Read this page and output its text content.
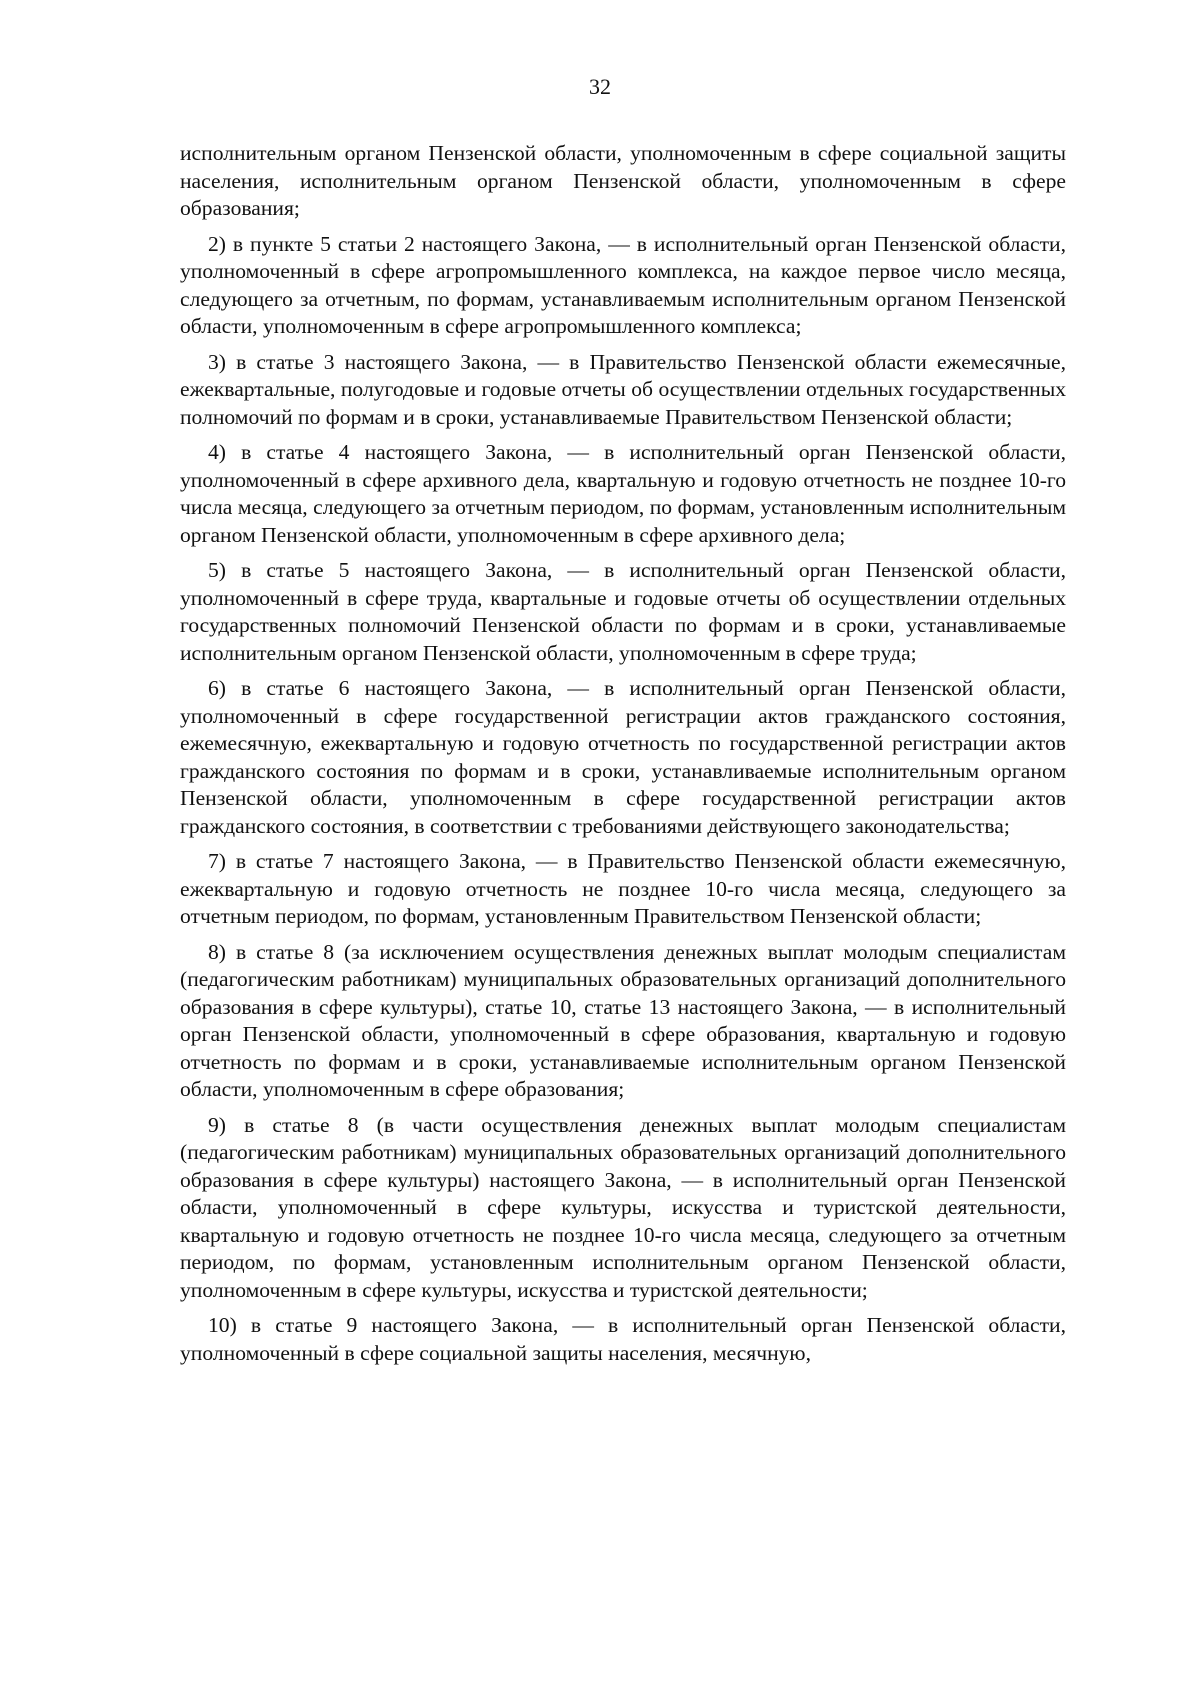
32

исполнительным органом Пензенской области, уполномоченным в сфере социальной защиты населения, исполнительным органом Пензенской области, уполномоченным в сфере образования;

2) в пункте 5 статьи 2 настоящего Закона, — в исполнительный орган Пензенской области, уполномоченный в сфере агропромышленного комплекса, на каждое первое число месяца, следующего за отчетным, по формам, устанавливаемым исполнительным органом Пензенской области, уполномоченным в сфере агропромышленного комплекса;

3) в статье 3 настоящего Закона, — в Правительство Пензенской области ежемесячные, ежеквартальные, полугодовые и годовые отчеты об осуществлении отдельных государственных полномочий по формам и в сроки, устанавливаемые Правительством Пензенской области;

4) в статье 4 настоящего Закона, — в исполнительный орган Пензенской области, уполномоченный в сфере архивного дела, квартальную и годовую отчетность не позднее 10-го числа месяца, следующего за отчетным периодом, по формам, установленным исполнительным органом Пензенской области, уполномоченным в сфере архивного дела;

5) в статье 5 настоящего Закона, — в исполнительный орган Пензенской области, уполномоченный в сфере труда, квартальные и годовые отчеты об осуществлении отдельных государственных полномочий Пензенской области по формам и в сроки, устанавливаемые исполнительным органом Пензенской области, уполномоченным в сфере труда;

6) в статье 6 настоящего Закона, — в исполнительный орган Пензенской области, уполномоченный в сфере государственной регистрации актов гражданского состояния, ежемесячную, ежеквартальную и годовую отчетность по государственной регистрации актов гражданского состояния по формам и в сроки, устанавливаемые исполнительным органом Пензенской области, уполномоченным в сфере государственной регистрации актов гражданского состояния, в соответствии с требованиями действующего законодательства;

7) в статье 7 настоящего Закона, — в Правительство Пензенской области ежемесячную, ежеквартальную и годовую отчетность не позднее 10-го числа месяца, следующего за отчетным периодом, по формам, установленным Правительством Пензенской области;

8) в статье 8 (за исключением осуществления денежных выплат молодым специалистам (педагогическим работникам) муниципальных образовательных организаций дополнительного образования в сфере культуры), статье 10, статье 13 настоящего Закона, — в исполнительный орган Пензенской области, уполномоченный в сфере образования, квартальную и годовую отчетность по формам и в сроки, устанавливаемые исполнительным органом Пензенской области, уполномоченным в сфере образования;

9) в статье 8 (в части осуществления денежных выплат молодым специалистам (педагогическим работникам) муниципальных образовательных организаций дополнительного образования в сфере культуры) настоящего Закона, — в исполнительный орган Пензенской области, уполномоченный в сфере культуры, искусства и туристской деятельности, квартальную и годовую отчетность не позднее 10-го числа месяца, следующего за отчетным периодом, по формам, установленным исполнительным органом Пензенской области, уполномоченным в сфере культуры, искусства и туристской деятельности;

10) в статье 9 настоящего Закона, — в исполнительный орган Пензенской области, уполномоченный в сфере социальной защиты населения, месячную,
